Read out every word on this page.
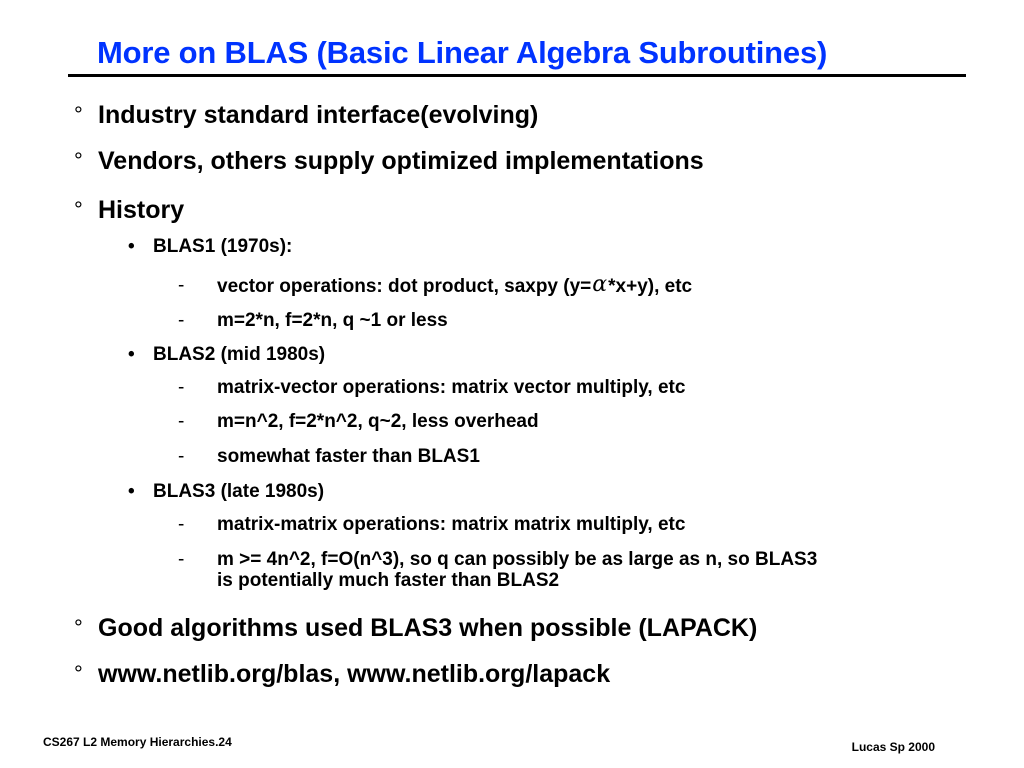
More on BLAS (Basic Linear Algebra Subroutines)
° Industry standard interface(evolving)
° Vendors, others supply optimized implementations
° History
• BLAS1 (1970s):
- vector operations: dot product, saxpy (y=α*x+y), etc
- m=2*n, f=2*n, q ~1 or less
• BLAS2 (mid 1980s)
- matrix-vector operations: matrix vector multiply, etc
- m=n^2, f=2*n^2, q~2, less overhead
- somewhat faster than BLAS1
• BLAS3 (late 1980s)
- matrix-matrix operations: matrix matrix multiply, etc
- m >= 4n^2, f=O(n^3), so q can possibly be as large as n, so BLAS3
is potentially much faster than BLAS2
° Good algorithms used BLAS3 when possible (LAPACK)
° www.netlib.org/blas, www.netlib.org/lapack
CS267 L2 Memory Hierarchies.24	Lucas Sp 2000
